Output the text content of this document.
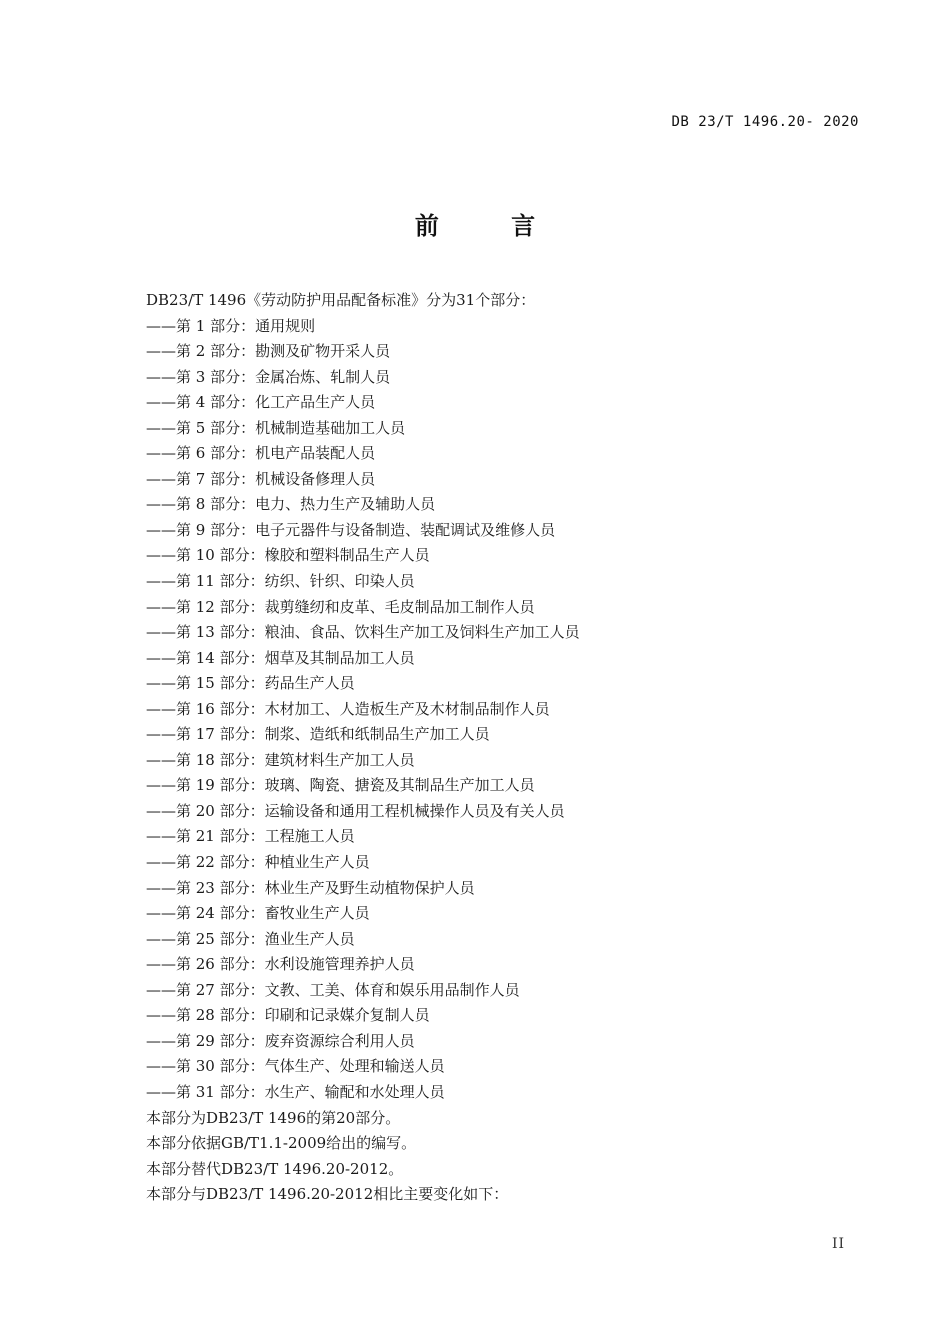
DB 23/T 1496.20- 2020
前 言
DB23/T 1496《劳动防护用品配备标准》分为31个部分：
——第 1 部分：通用规则
——第 2 部分：勘测及矿物开采人员
——第 3 部分：金属冶炼、轧制人员
——第 4 部分：化工产品生产人员
——第 5 部分：机械制造基础加工人员
——第 6 部分：机电产品装配人员
——第 7 部分：机械设备修理人员
——第 8 部分：电力、热力生产及辅助人员
——第 9 部分：电子元器件与设备制造、装配调试及维修人员
——第 10 部分：橡胶和塑料制品生产人员
——第 11 部分：纺织、针织、印染人员
——第 12 部分：裁剪缝纫和皮革、毛皮制品加工制作人员
——第 13 部分：粮油、食品、饮料生产加工及饲料生产加工人员
——第 14 部分：烟草及其制品加工人员
——第 15 部分：药品生产人员
——第 16 部分：木材加工、人造板生产及木材制品制作人员
——第 17 部分：制浆、造纸和纸制品生产加工人员
——第 18 部分：建筑材料生产加工人员
——第 19 部分：玻璃、陶瓷、搪瓷及其制品生产加工人员
——第 20 部分：运输设备和通用工程机械操作人员及有关人员
——第 21 部分：工程施工人员
——第 22 部分：种植业生产人员
——第 23 部分：林业生产及野生动植物保护人员
——第 24 部分：畜牧业生产人员
——第 25 部分：渔业生产人员
——第 26 部分：水利设施管理养护人员
——第 27 部分：文教、工美、体育和娱乐用品制作人员
——第 28 部分：印刷和记录媒介复制人员
——第 29 部分：废弃资源综合利用人员
——第 30 部分：气体生产、处理和输送人员
——第 31 部分：水生产、输配和水处理人员
本部分为DB23/T 1496的第20部分。
本部分依据GB/T1.1-2009给出的编写。
本部分替代DB23/T 1496.20-2012。
本部分与DB23/T 1496.20-2012相比主要变化如下：
II
